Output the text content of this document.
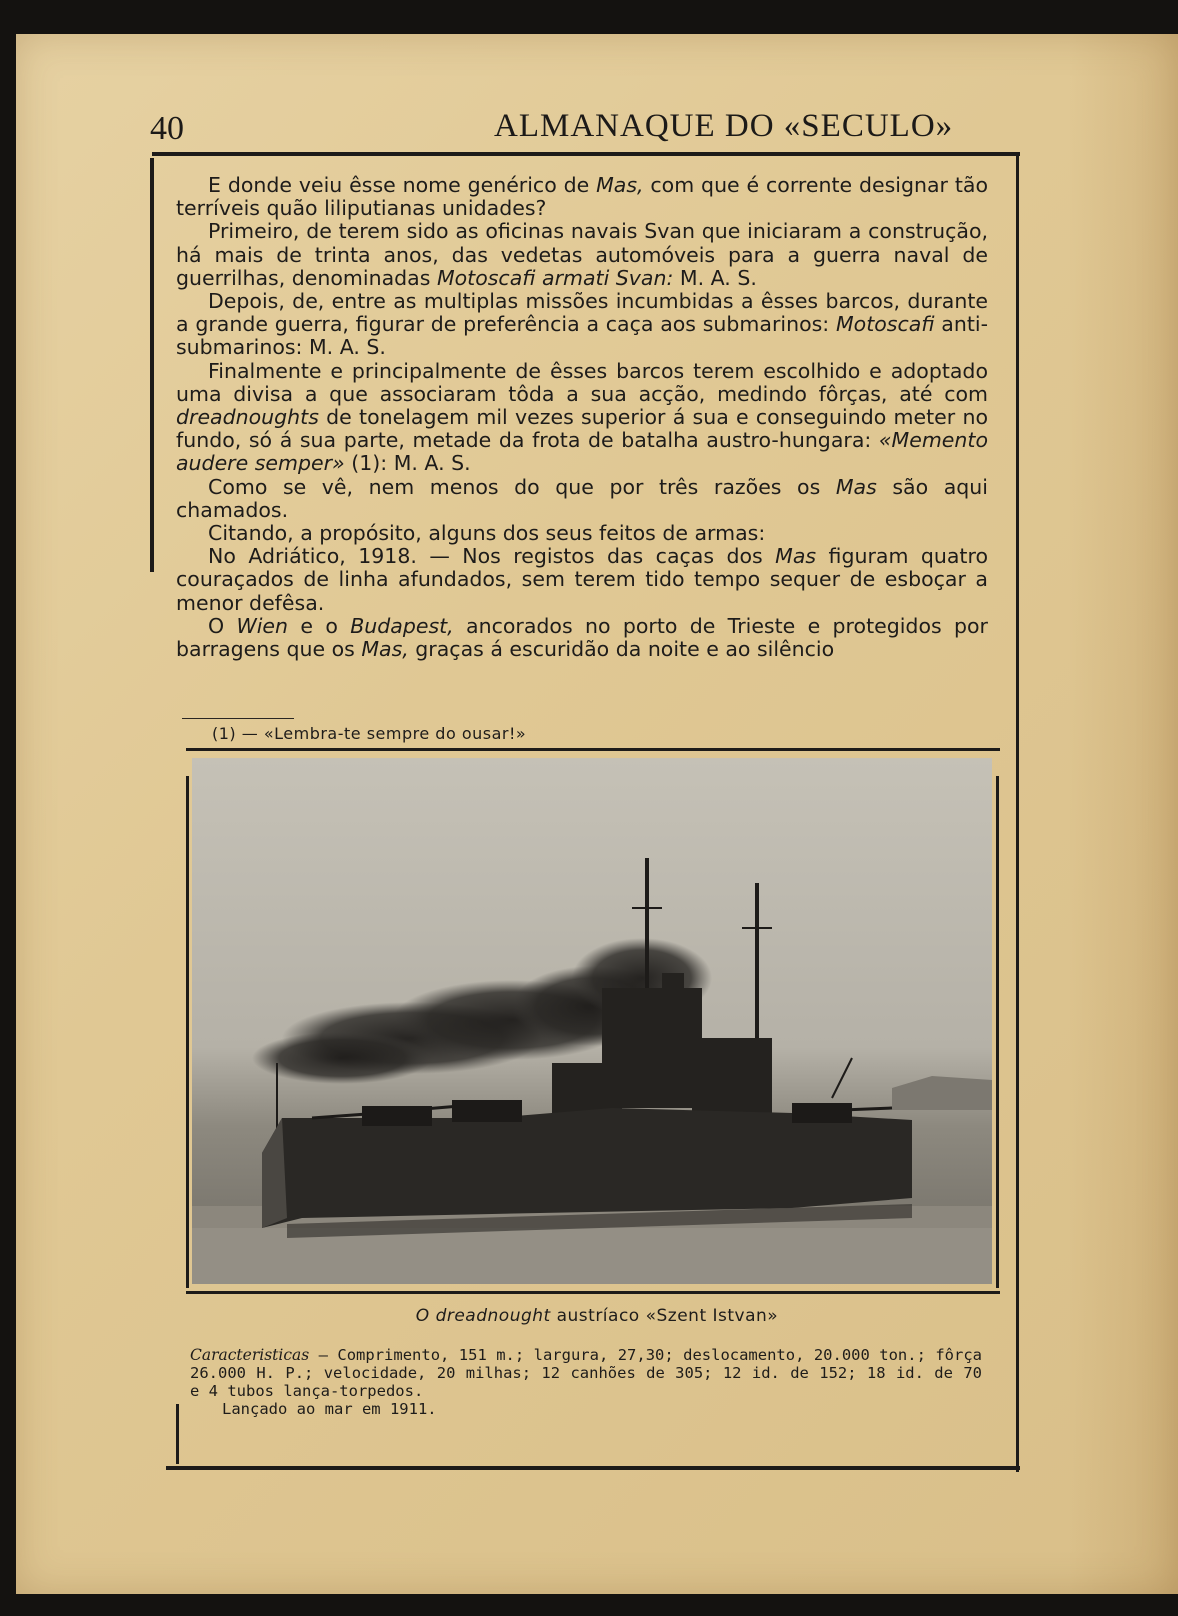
40	ALMANAQUE DO «SECULO»

E donde veiu êsse nome genérico de Mas, com que é corrente designar tão terríveis quão liliputianas unidades?

Primeiro, de terem sido as oficinas navais Svan que iniciaram a construção, há mais de trinta anos, das vedetas automóveis para a guerra naval de guerrilhas, denominadas Motoscafi armati Svan: M. A. S.

Depois, de, entre as multiplas missões incumbidas a êsses barcos, durante a grande guerra, figurar de preferência a caça aos submarinos: Motoscafi anti-submarinos: M. A. S.

Finalmente e principalmente de êsses barcos terem escolhido e adoptado uma divisa a que associaram tôda a sua acção, medindo fôrças, até com dreadnoughts de tonelagem mil vezes superior á sua e conseguindo meter no fundo, só á sua parte, metade da frota de batalha austro-hungara: «Memento audere semper» (1): M. A. S.

Como se vê, nem menos do que por três razões os Mas são aqui chamados.

Citando, a propósito, alguns dos seus feitos de armas:

No Adriático, 1918. — Nos registos das caças dos Mas figuram quatro couraçados de linha afundados, sem terem tido tempo sequer de esboçar a menor defêsa.

O Wien e o Budapest, ancorados no porto de Trieste e protegidos por barragens que os Mas, graças á escuridão da noite e ao silêncio

(1) — «Lembra-te sempre do ousar!»
O dreadnought austríaco «Szent Istvan»

Caracteristicas — Comprimento, 151 m.; largura, 27,30; deslocamento, 20.000 ton.; fôrça 26.000 H. P.; velocidade, 20 milhas; 12 canhões de 305; 12 id. de 152; 18 id. de 70 e 4 tubos lança-torpedos.

Lançado ao mar em 1911.
